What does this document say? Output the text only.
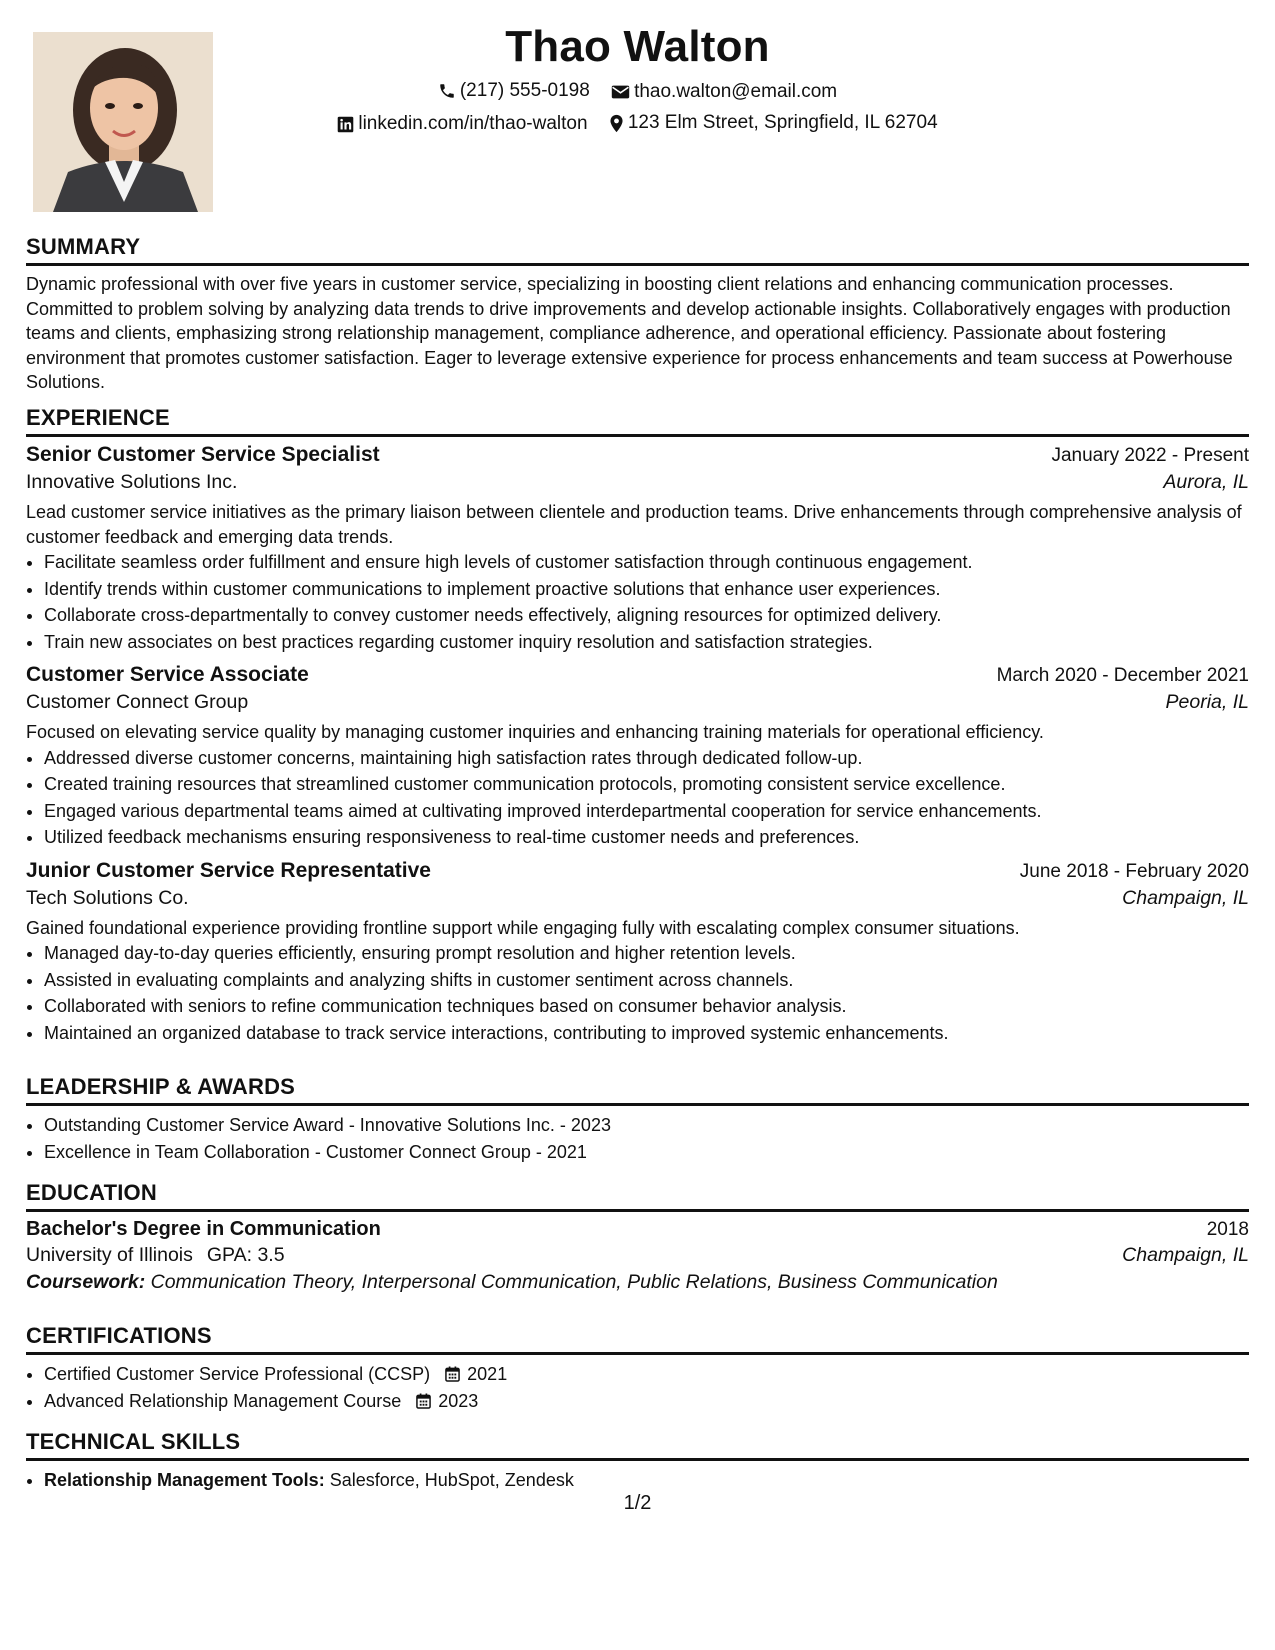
Thao Walton
(217) 555-0198
thao.walton@email.com
linkedin.com/in/thao-walton
123 Elm Street, Springfield, IL 62704
SUMMARY

Dynamic professional with over five years in customer service, specializing in boosting client relations and enhancing communication processes. Committed to problem solving by analyzing data trends to drive improvements and develop actionable insights. Collaboratively engages with production teams and clients, emphasizing strong relationship management, compliance adherence, and operational efficiency. Passionate about fostering environment that promotes customer satisfaction. Eager to leverage extensive experience for process enhancements and team success at Powerhouse Solutions.

EXPERIENCE
Senior Customer Service Specialist	January 2022 - Present
Innovative Solutions Inc.	Aurora, IL

Lead customer service initiatives as the primary liaison between clientele and production teams. Drive enhancements through comprehensive analysis of customer feedback and emerging data trends.

• Facilitate seamless order fulfillment and ensure high levels of customer satisfaction through continuous engagement.
• Identify trends within customer communications to implement proactive solutions that enhance user experiences.
• Collaborate cross-departmentally to convey customer needs effectively, aligning resources for optimized delivery.
• Train new associates on best practices regarding customer inquiry resolution and satisfaction strategies.
Customer Service Associate	March 2020 - December 2021
Customer Connect Group	Peoria, IL

Focused on elevating service quality by managing customer inquiries and enhancing training materials for operational efficiency.

• Addressed diverse customer concerns, maintaining high satisfaction rates through dedicated follow-up.
• Created training resources that streamlined customer communication protocols, promoting consistent service excellence.
• Engaged various departmental teams aimed at cultivating improved interdepartmental cooperation for service enhancements.
• Utilized feedback mechanisms ensuring responsiveness to real-time customer needs and preferences.
Junior Customer Service Representative	June 2018 - February 2020
Tech Solutions Co.	Champaign, IL

Gained foundational experience providing frontline support while engaging fully with escalating complex consumer situations.

• Managed day-to-day queries efficiently, ensuring prompt resolution and higher retention levels.
• Assisted in evaluating complaints and analyzing shifts in customer sentiment across channels.
• Collaborated with seniors to refine communication techniques based on consumer behavior analysis.
• Maintained an organized database to track service interactions, contributing to improved systemic enhancements.
LEADERSHIP & AWARDS
• Outstanding Customer Service Award - Innovative Solutions Inc. - 2023
• Excellence in Team Collaboration - Customer Connect Group - 2021
EDUCATION
Bachelor's Degree in Communication	2018
University of Illinois GPA: 3.5	Champaign, IL
Coursework: Communication Theory, Interpersonal Communication, Public Relations, Business Communication
CERTIFICATIONS
• Certified Customer Service Professional (CCSP) 2021
• Advanced Relationship Management Course 2023
TECHNICAL SKILLS
• Relationship Management Tools: Salesforce, HubSpot, Zendesk
1/2
